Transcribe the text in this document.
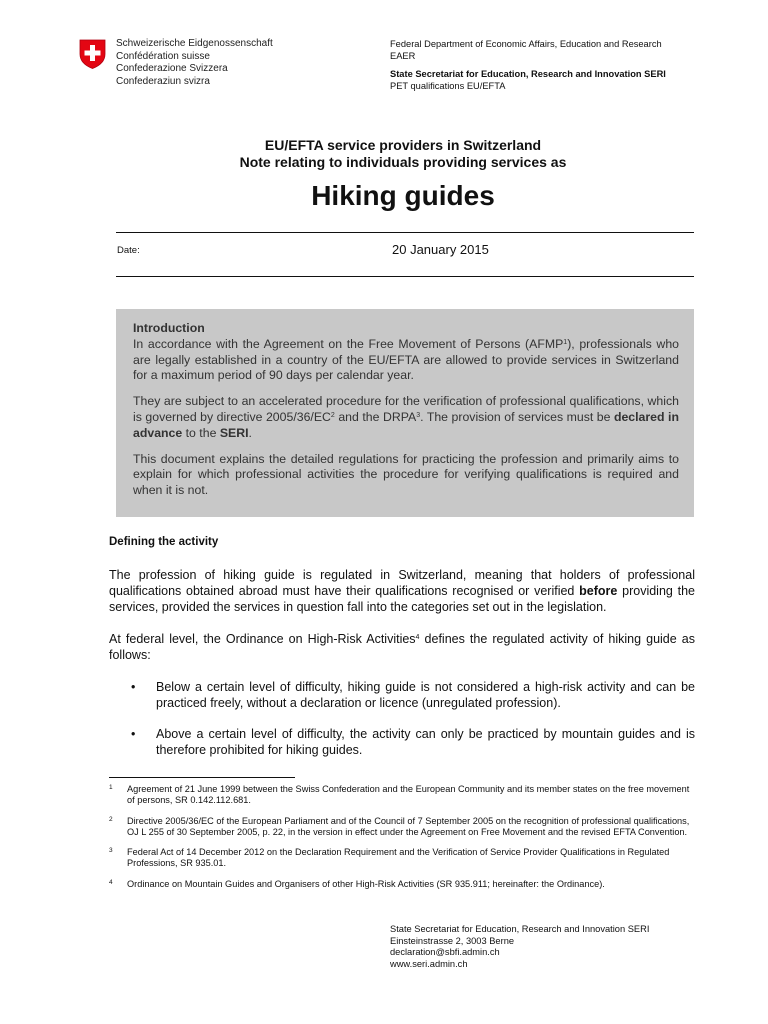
Schweizerische Eidgenossenschaft
Confédération suisse
Confederazione Svizzera
Confederaziun svizra
Federal Department of Economic Affairs, Education and Research
EAER
State Secretariat for Education, Research and Innovation SERI
PET qualifications EU/EFTA
EU/EFTA service providers in Switzerland
Note relating to individuals providing services as
Hiking guides
Date:	20 January 2015

Introduction

In accordance with the Agreement on the Free Movement of Persons (AFMP$^1$), professionals who are legally established in a country of the EU/EFTA are allowed to provide services in Switzerland for a maximum period of 90 days per calendar year.

They are subject to an accelerated procedure for the verification of professional qualifications, which is governed by directive $2005/36/EC^2$ and the DRPA$^3$. The provision of services must be declared in advance to the SERI.

This document explains the detailed regulations for practicing the profession and primarily aims to explain for which professional activities the procedure for verifying qualifications is required and when it is not.

Defining the activity

The profession of hiking guide is regulated in Switzerland, meaning that holders of professional qualifications obtained abroad must have their qualifications recognised or verified before providing the services, provided the services in question fall into the categories set out in the legislation.

At federal level, the Ordinance on High-Risk Activities$^4$ defines the regulated activity of hiking guide as follows:

• Below a certain level of difficulty, hiking guide is not considered a high-risk activity and can be practiced freely, without a declaration or licence (unregulated profession).
• Above a certain level of difficulty, the activity can only be practiced by mountain guides and is therefore prohibited for hiking guides.
1 Agreement of 21 June 1999 between the Swiss Confederation and the European Community and its member states on the free movement of persons, SR 0.142.112.681.
2 Directive 2005/36/EC of the European Parliament and of the Council of 7 September 2005 on the recognition of professional qualifications, OJ L 255 of 30 September 2005, p. 22, in the version in effect under the Agreement on Free Movement and the revised EFTA Convention.
3 Federal Act of 14 December 2012 on the Declaration Requirement and the Verification of Service Provider Qualifications in Regulated Professions, SR 935.01.
4 Ordinance on Mountain Guides and Organisers of other High-Risk Activities (SR 935.911; hereinafter: the Ordinance).
State Secretariat for Education, Research and Innovation SERI
Einsteinstrasse 2, 3003 Berne
declaration@sbfi.admin.ch
www.seri.admin.ch
